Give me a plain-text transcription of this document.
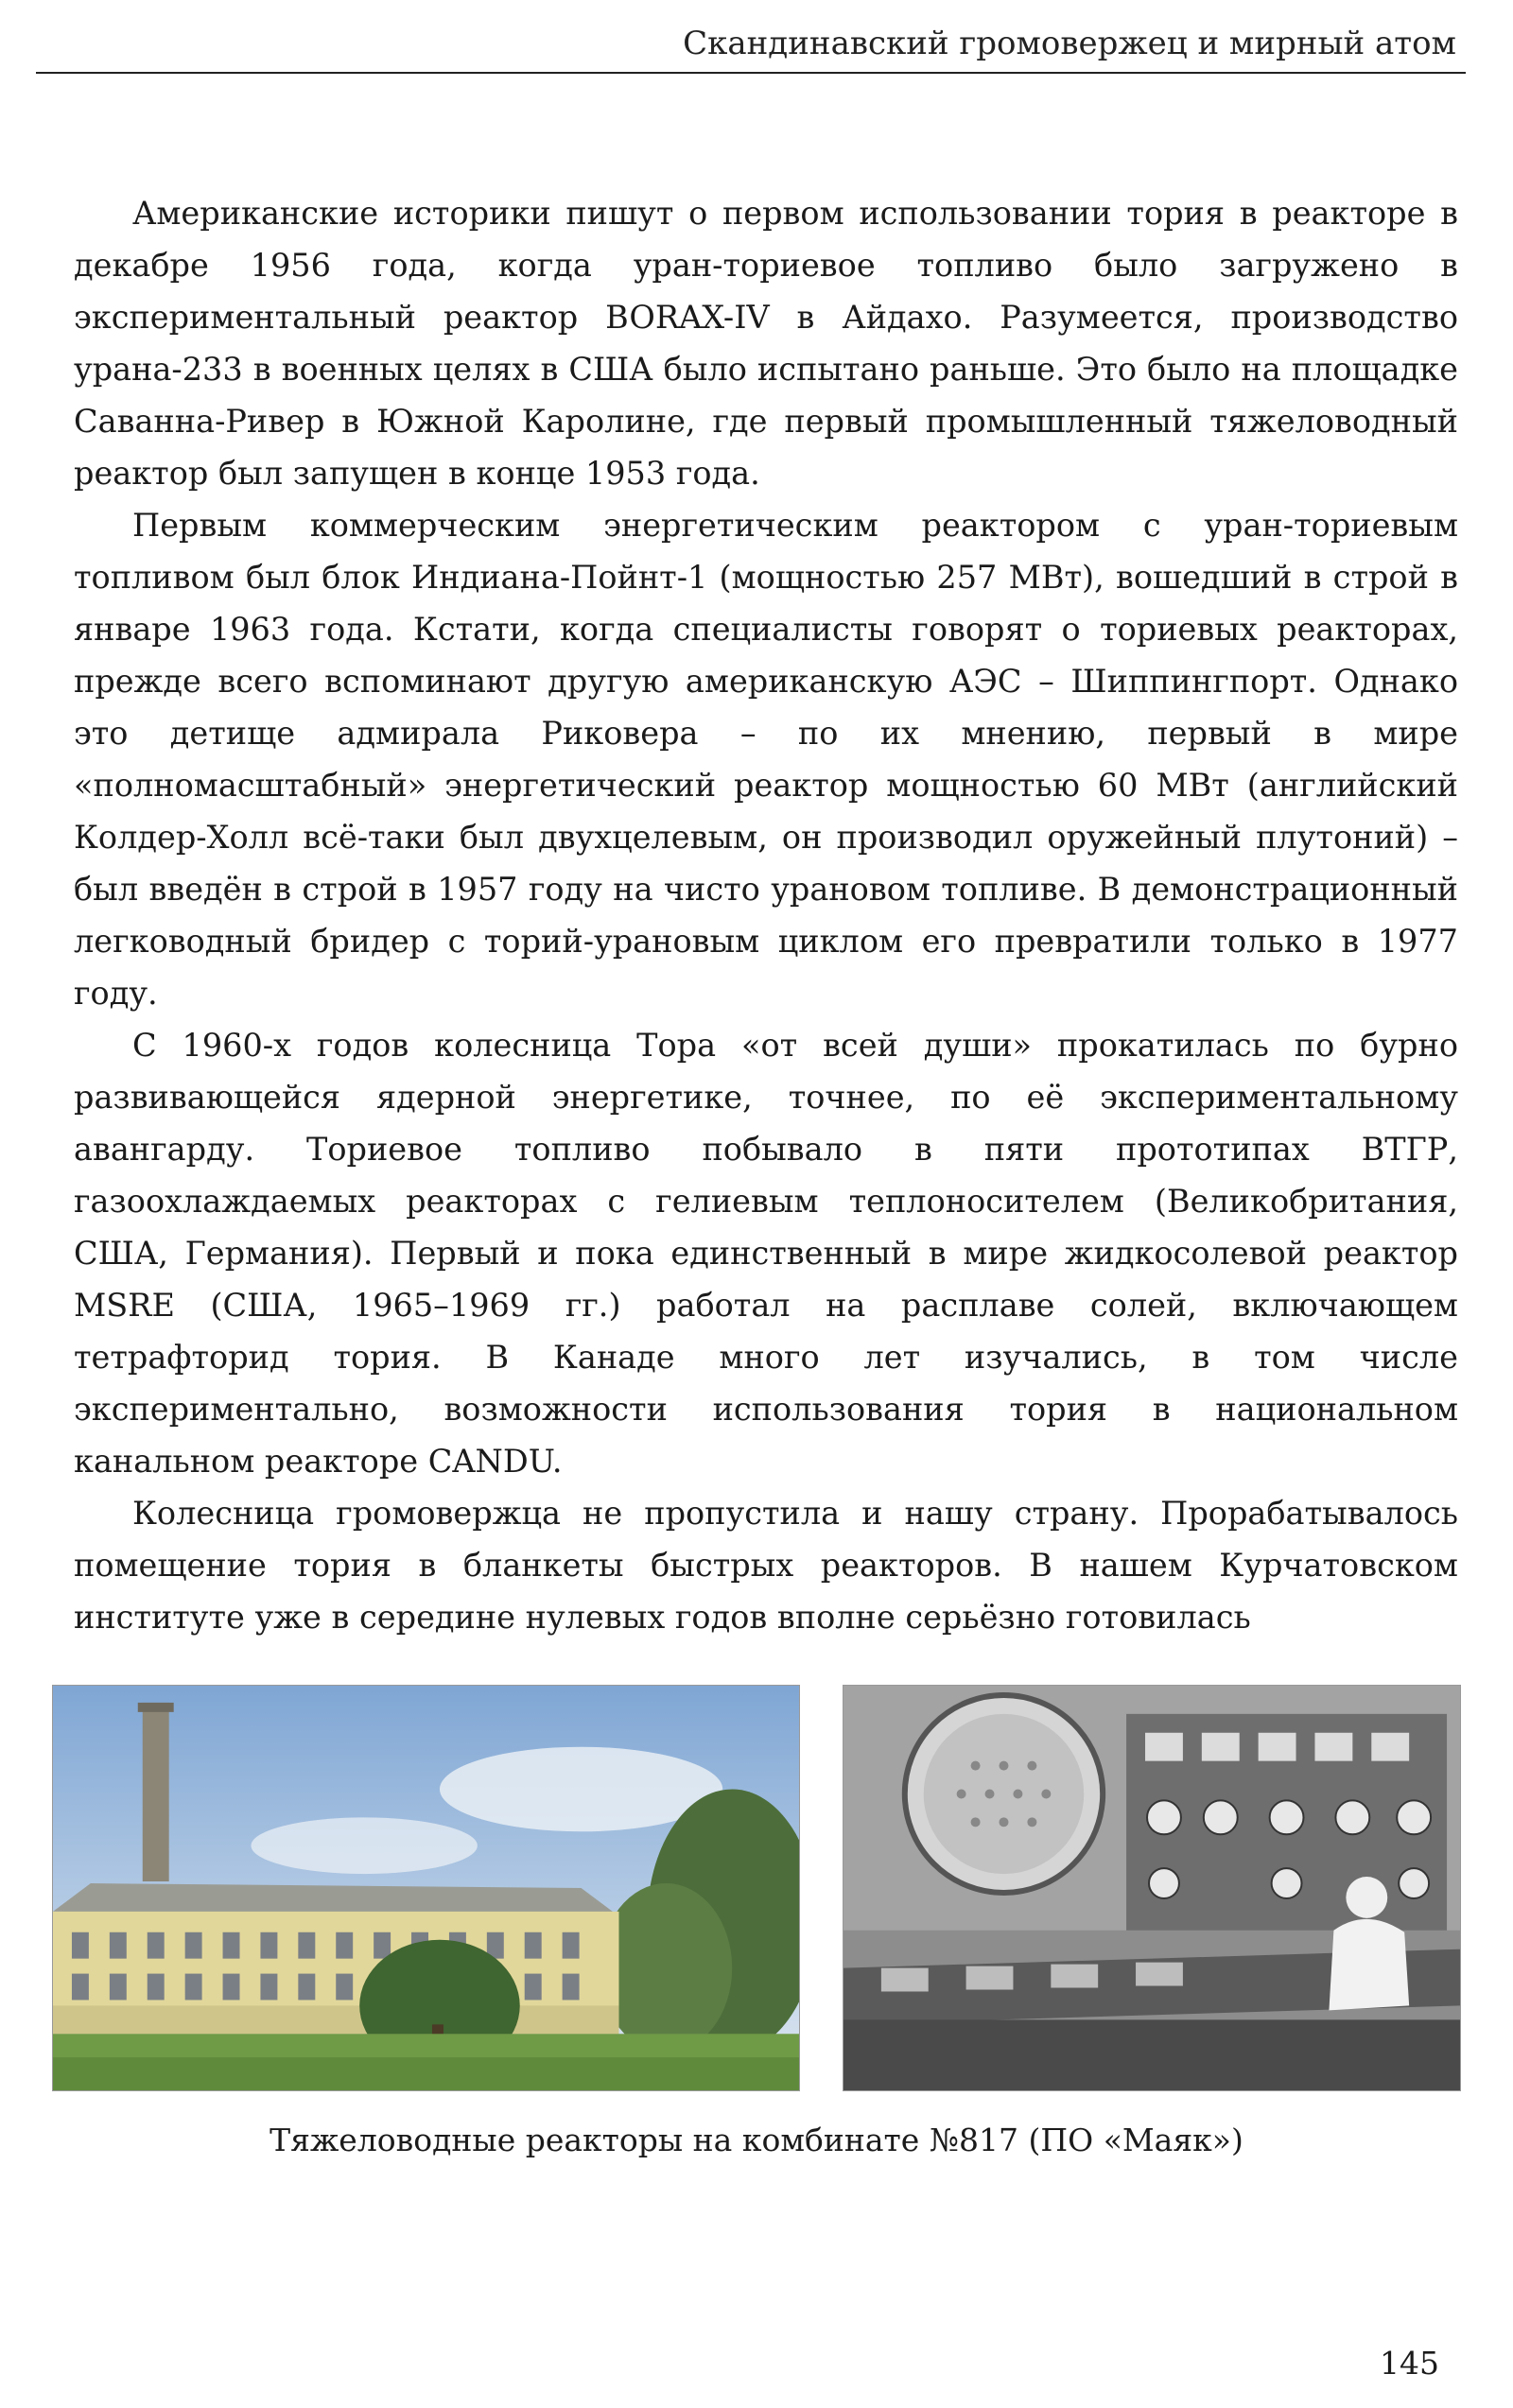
Скандинавский громовержец и мирный атом

Американские историки пишут о первом использовании тория в реакторе в декабре 1956 года, когда уран-ториевое топливо было загружено в экспериментальный реактор BORAX-IV в Айдахо. Разумеется, производство урана-233 в военных целях в США было испытано раньше. Это было на площадке Саванна-Ривер в Южной Каролине, где первый промышленный тяжеловодный реактор был запущен в конце 1953 года.

Первым коммерческим энергетическим реактором с уран-ториевым топливом был блок Индиана-Пойнт-1 (мощностью 257 МВт), вошедший в строй в январе 1963 года. Кстати, когда специалисты говорят о ториевых реакторах, прежде всего вспоминают другую американскую АЭС – Шиппингпорт. Однако это детище адмирала Риковера – по их мнению, первый в мире «полномасштабный» энергетический реактор мощностью 60 МВт (английский Колдер-Холл всё-таки был двухцелевым, он производил оружейный плутоний) – был введён в строй в 1957 году на чисто урановом топливе. В демонстрационный легководный бридер с торий-урановым циклом его превратили только в 1977 году.

С 1960-х годов колесница Тора «от всей души» прокатилась по бурно развивающейся ядерной энергетике, точнее, по её экспериментальному авангарду. Ториевое топливо побывало в пяти прототипах ВТГР, газоохлаждаемых реакторах с гелиевым теплоносителем (Великобритания, США, Германия). Первый и пока единственный в мире жидкосолевой реактор MSRE (США, 1965–1969 гг.) работал на расплаве солей, включающем тетрафторид тория. В Канаде много лет изучались, в том числе экспериментально, возможности использования тория в национальном канальном реакторе CANDU.

Колесница громовержца не пропустила и нашу страну. Прорабатывалось помещение тория в бланкеты быстрых реакторов. В нашем Курчатовском институте уже в середине нулевых годов вполне серьёзно готовилась

Тяжеловодные реакторы на комбинате №817 (ПО «Маяк»)
145
